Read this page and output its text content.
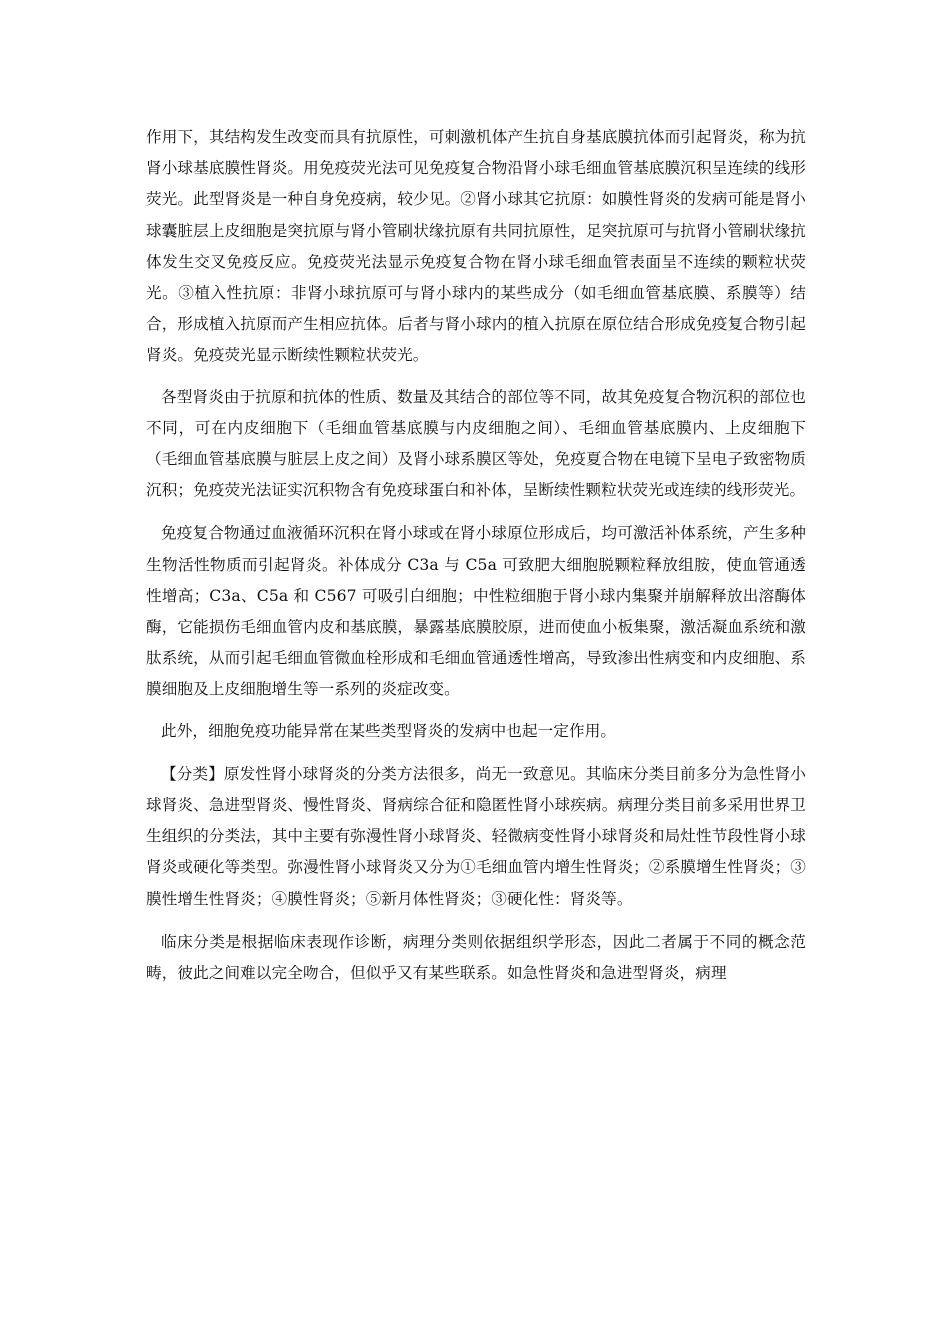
作用下，其结构发生改变而具有抗原性，可刺激机体产生抗自身基底膜抗体而引起肾炎，称为抗肾小球基底膜性肾炎。用免疫荧光法可见免疫复合物沿肾小球毛细血管基底膜沉积呈连续的线形荧光。此型肾炎是一种自身免疫病，较少见。②肾小球其它抗原：如膜性肾炎的发病可能是肾小球囊脏层上皮细胞是突抗原与肾小管刷状缘抗原有共同抗原性，足突抗原可与抗肾小管刷状缘抗体发生交叉免疫反应。免疫荧光法显示免疫复合物在肾小球毛细血管表面呈不连续的颗粒状荧光。③植入性抗原：非肾小球抗原可与肾小球内的某些成分（如毛细血管基底膜、系膜等）结合，形成植入抗原而产生相应抗体。后者与肾小球内的植入抗原在原位结合形成免疫复合物引起肾炎。免疫荧光显示断续性颗粒状荧光。

各型肾炎由于抗原和抗体的性质、数量及其结合的部位等不同，故其免疫复合物沉积的部位也不同，可在内皮细胞下（毛细血管基底膜与内皮细胞之间）、毛细血管基底膜内、上皮细胞下（毛细血管基底膜与脏层上皮之间）及肾小球系膜区等处，免疫夏合物在电镜下呈电子致密物质沉积；免疫荧光法证实沉积物含有免疫球蛋白和补体，呈断续性颗粒状荧光或连续的线形荧光。

免疫复合物通过血液循环沉积在肾小球或在肾小球原位形成后，均可激活补体系统，产生多种生物活性物质而引起肾炎。补体成分 C3a 与 C5a 可致肥大细胞脱颗粒释放组胺，使血管通透性增高；C3a、C5a 和 C567 可吸引白细胞；中性粒细胞于肾小球内集聚并崩解释放出溶酶体酶，它能损伤毛细血管内皮和基底膜，暴露基底膜胶原，进而使血小板集聚，激活凝血系统和激肽系统，从而引起毛细血管微血栓形成和毛细血管通透性增高，导致渗出性病变和内皮细胞、系膜细胞及上皮细胞增生等一系列的炎症改变。

此外，细胞免疫功能异常在某些类型肾炎的发病中也起一定作用。

【分类】原发性肾小球肾炎的分类方法很多，尚无一致意见。其临床分类目前多分为急性肾小球肾炎、急进型肾炎、慢性肾炎、肾病综合征和隐匿性肾小球疾病。病理分类目前多采用世界卫生组织的分类法，其中主要有弥漫性肾小球肾炎、轻微病变性肾小球肾炎和局灶性节段性肾小球肾炎或硬化等类型。弥漫性肾小球肾炎又分为①毛细血管内增生性肾炎；②系膜增生性肾炎；③膜性增生性肾炎；④膜性肾炎；⑤新月体性肾炎；③硬化性：肾炎等。

临床分类是根据临床表现作诊断，病理分类则依据组织学形态，因此二者属于不同的概念范畴，彼此之间难以完全吻合，但似乎又有某些联系。如急性肾炎和急进型肾炎，病理
